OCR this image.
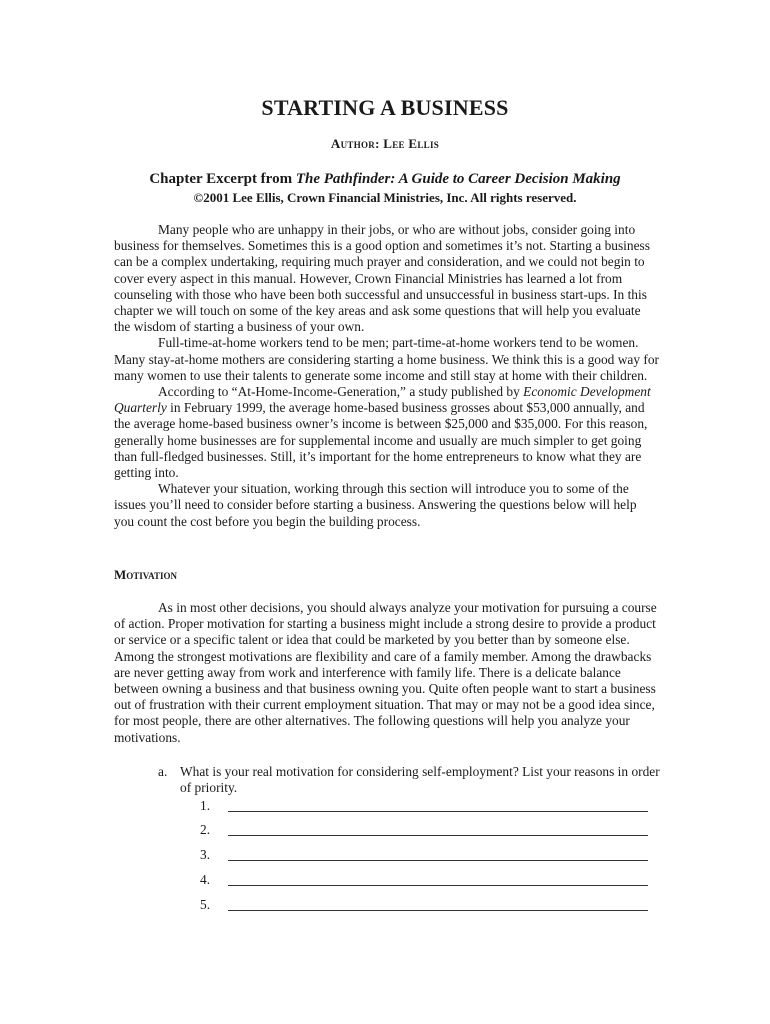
STARTING A BUSINESS
Author: Lee Ellis
Chapter Excerpt from The Pathfinder: A Guide to Career Decision Making
©2001 Lee Ellis, Crown Financial Ministries, Inc. All rights reserved.

Many people who are unhappy in their jobs, or who are without jobs, consider going into business for themselves. Sometimes this is a good option and sometimes it’s not. Starting a business can be a complex undertaking, requiring much prayer and consideration, and we could not begin to cover every aspect in this manual. However, Crown Financial Ministries has learned a lot from counseling with those who have been both successful and unsuccessful in business start-ups. In this chapter we will touch on some of the key areas and ask some questions that will help you evaluate the wisdom of starting a business of your own.

Full-time-at-home workers tend to be men; part-time-at-home workers tend to be women. Many stay-at-home mothers are considering starting a home business. We think this is a good way for many women to use their talents to generate some income and still stay at home with their children.

According to “At-Home-Income-Generation,” a study published by Economic Development Quarterly in February 1999, the average home-based business grosses about $53,000 annually, and the average home-based business owner’s income is between $25,000 and $35,000. For this reason, generally home businesses are for supplemental income and usually are much simpler to get going than full-fledged businesses. Still, it’s important for the home entrepreneurs to know what they are getting into.

Whatever your situation, working through this section will introduce you to some of the issues you’ll need to consider before starting a business. Answering the questions below will help you count the cost before you begin the building process.

Motivation

As in most other decisions, you should always analyze your motivation for pursuing a course of action. Proper motivation for starting a business might include a strong desire to provide a product or service or a specific talent or idea that could be marketed by you better than by someone else. Among the strongest motivations are flexibility and care of a family member. Among the drawbacks are never getting away from work and interference with family life. There is a delicate balance between owning a business and that business owning you. Quite often people want to start a business out of frustration with their current employment situation. That may or may not be a good idea since, for most people, there are other alternatives. The following questions will help you analyze your motivations.

a. What is your real motivation for considering self-employment? List your reasons in order of priority.
1.
2.
3.
4.
5.
